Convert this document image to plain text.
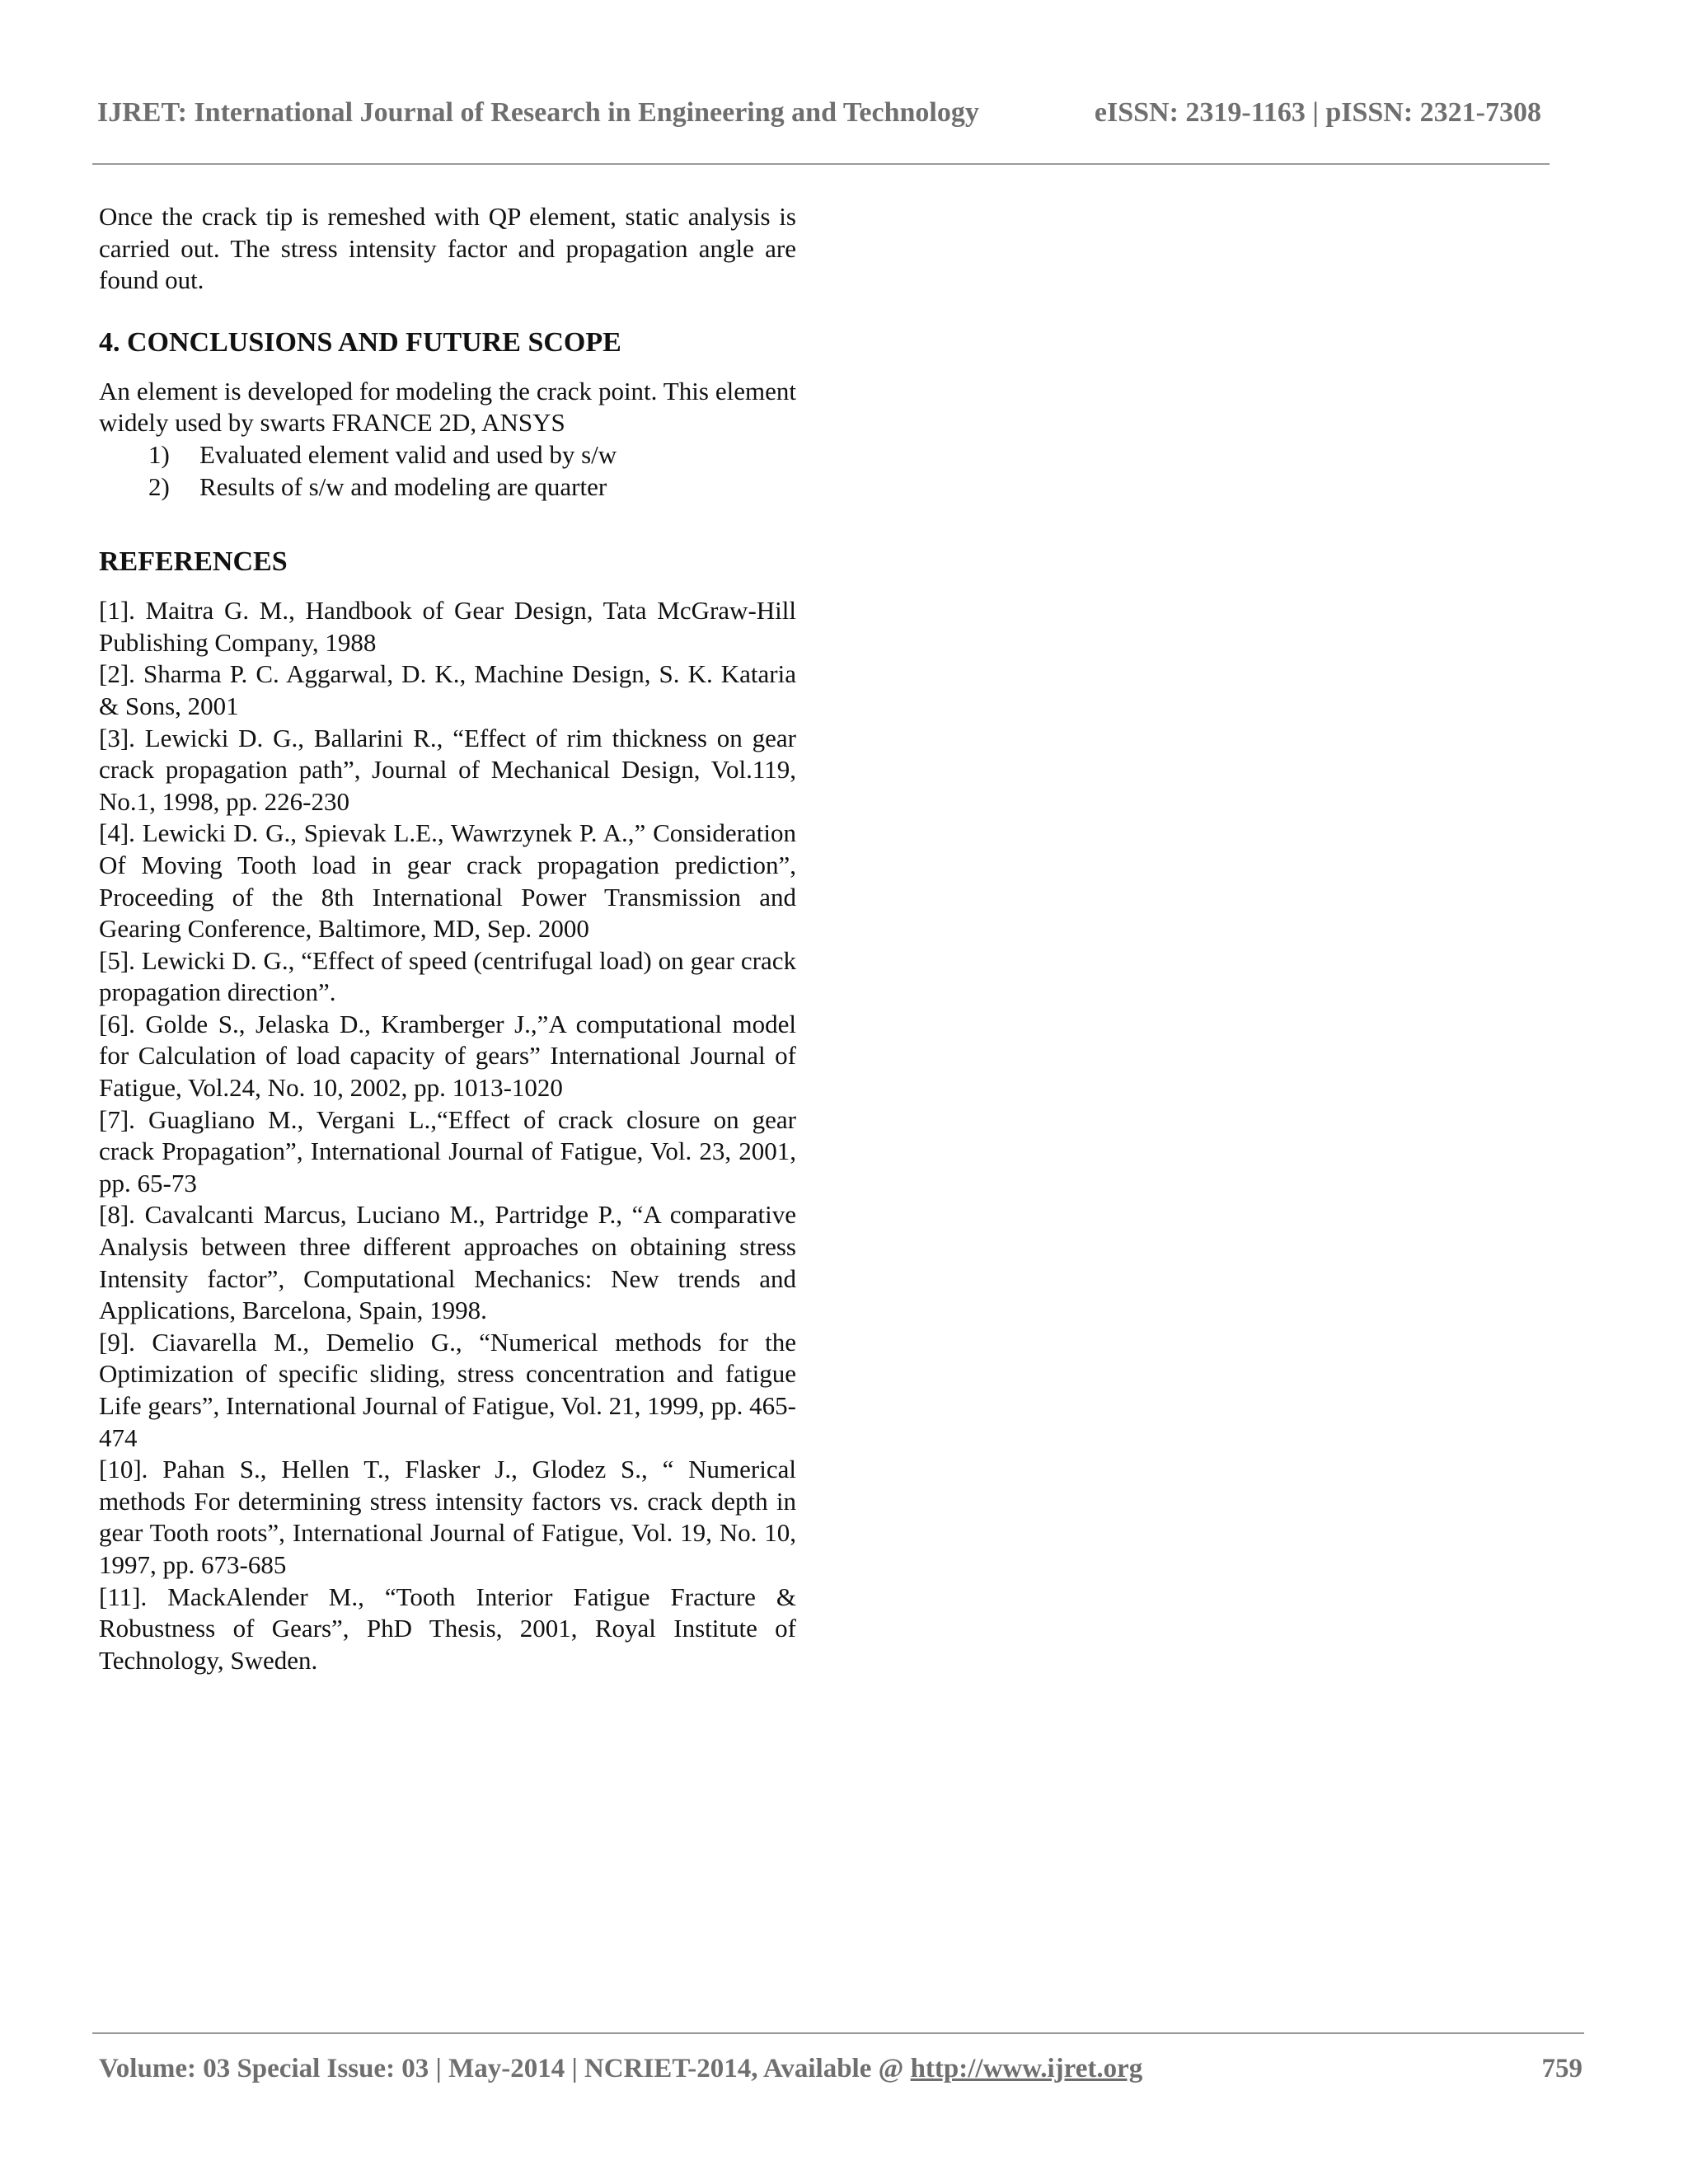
IJRET: International Journal of Research in Engineering and Technology	eISSN: 2319-1163 | pISSN: 2321-7308

Once the crack tip is remeshed with QP element, static analysis is carried out. The stress intensity factor and propagation angle are found out.

4. CONCLUSIONS AND FUTURE SCOPE

An element is developed for modeling the crack point. This element widely used by swarts FRANCE 2D, ANSYS

1) Evaluated element valid and used by s/w
2) Results of s/w and modeling are quarter
REFERENCES

[1]. Maitra G. M., Handbook of Gear Design, Tata McGraw-Hill Publishing Company, 1988

[2]. Sharma P. C. Aggarwal, D. K., Machine Design, S. K. Kataria & Sons, 2001

[3]. Lewicki D. G., Ballarini R., “Effect of rim thickness on gear crack propagation path”, Journal of Mechanical Design, Vol.119, No.1, 1998, pp. 226-230

[4]. Lewicki D. G., Spievak L.E., Wawrzynek P. A.,” Consideration Of Moving Tooth load in gear crack propagation prediction”, Proceeding of the 8th International Power Transmission and Gearing Conference, Baltimore, MD, Sep. 2000

[5]. Lewicki D. G., “Effect of speed (centrifugal load) on gear crack propagation direction”.

[6]. Golde S., Jelaska D., Kramberger J.,”A computational model for Calculation of load capacity of gears” International Journal of Fatigue, Vol.24, No. 10, 2002, pp. 1013-1020

[7]. Guagliano M., Vergani L.,“Effect of crack closure on gear crack Propagation”, International Journal of Fatigue, Vol. 23, 2001, pp. 65-73

[8]. Cavalcanti Marcus, Luciano M., Partridge P., “A comparative Analysis between three different approaches on obtaining stress Intensity factor”, Computational Mechanics: New trends and Applications, Barcelona, Spain, 1998.

[9]. Ciavarella M., Demelio G., “Numerical methods for the Optimization of specific sliding, stress concentration and fatigue Life gears”, International Journal of Fatigue, Vol. 21, 1999, pp. 465-474

[10]. Pahan S., Hellen T., Flasker J., Glodez S., “ Numerical methods For determining stress intensity factors vs. crack depth in gear Tooth roots”, International Journal of Fatigue, Vol. 19, No. 10, 1997, pp. 673-685

[11]. MackAlender M., “Tooth Interior Fatigue Fracture & Robustness of Gears”, PhD Thesis, 2001, Royal Institute of Technology, Sweden.

Volume: 03 Special Issue: 03 | May-2014 | NCRIET-2014, Available @ http://www.ijret.org	759
